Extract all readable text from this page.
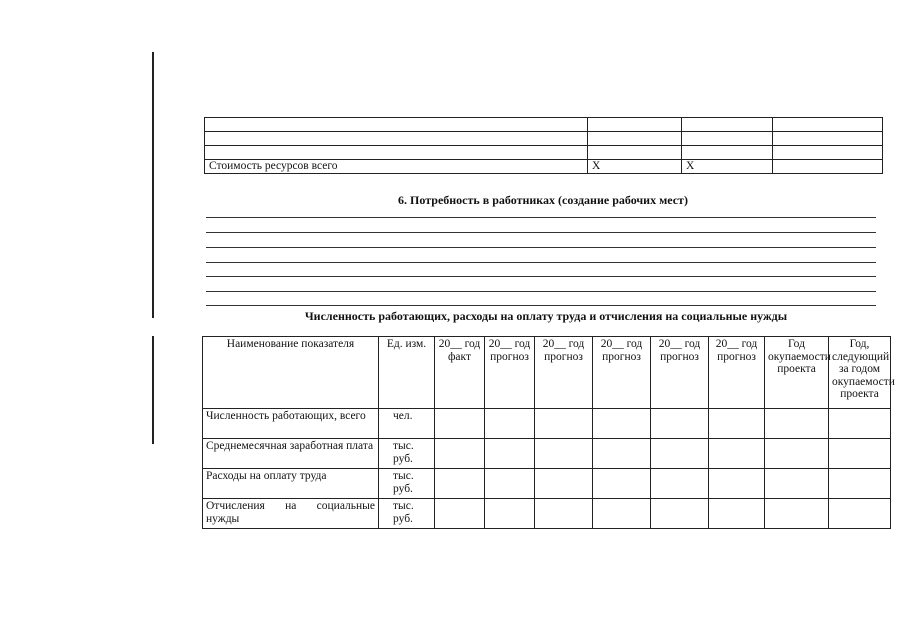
Стоимость ресурсов всего	X	X	
6. Потребность в работниках (создание рабочих мест)
Численность работающих, расходы на оплату труда и отчисления на социальные нужды
Наименование показателя	Ед. изм.	20__ год факт	20__ год прогноз	20__ год прогноз	20__ год прогноз	20__ год прогноз	20__ год прогноз	Год окупаемости проекта	Год, следующий за годом окупаемости проекта
Численность работающих, всего	чел.								
Среднемесячная заработная плата	тыс. руб.								
Расходы на оплату труда	тыс. руб.								
Отчисления на социальные нужды	тыс. руб.								
